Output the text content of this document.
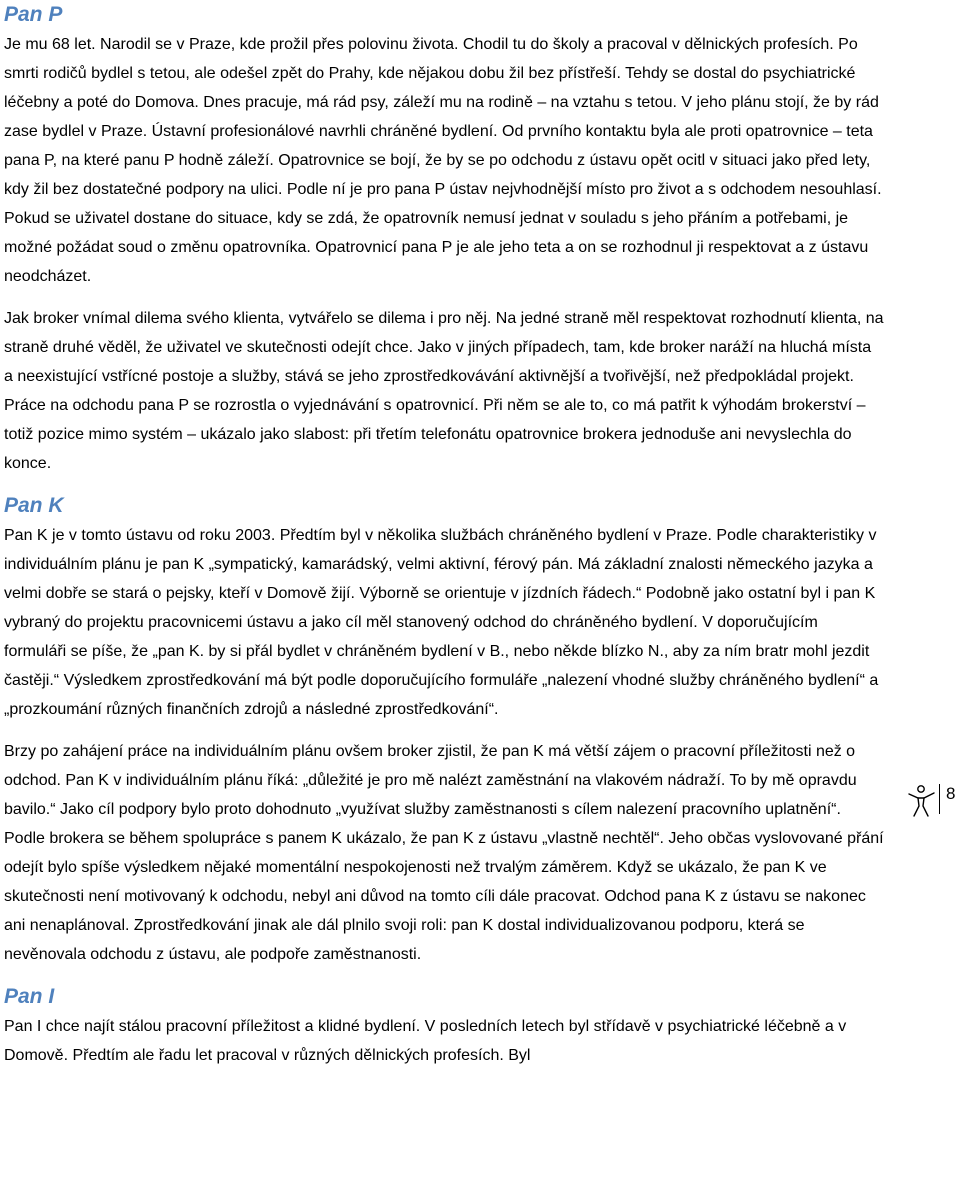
Pan P

Je mu 68 let. Narodil se v Praze, kde prožil přes polovinu života. Chodil tu do školy a pracoval v dělnických profesích. Po smrti rodičů bydlel s tetou, ale odešel zpět do Prahy, kde nějakou dobu žil bez přístřeší. Tehdy se dostal do psychiatrické léčebny a poté do Domova. Dnes pracuje, má rád psy, záleží mu na rodině – na vztahu s tetou. V jeho plánu stojí, že by rád zase bydlel v Praze. Ústavní profesionálové navrhli chráněné bydlení. Od prvního kontaktu byla ale proti opatrovnice – teta pana P, na které panu P hodně záleží. Opatrovnice se bojí, že by se po odchodu z ústavu opět ocitl v situaci jako před lety, kdy žil bez dostatečné podpory na ulici. Podle ní je pro pana P ústav nejvhodnější místo pro život a s odchodem nesouhlasí. Pokud se uživatel dostane do situace, kdy se zdá, že opatrovník nemusí jednat v souladu s jeho přáním a potřebami, je možné požádat soud o změnu opatrovníka. Opatrovnicí pana P je ale jeho teta a on se rozhodnul ji respektovat a z ústavu neodcházet.

Jak broker vnímal dilema svého klienta, vytvářelo se dilema i pro něj. Na jedné straně měl respektovat rozhodnutí klienta, na straně druhé věděl, že uživatel ve skutečnosti odejít chce. Jako v jiných případech, tam, kde broker naráží na hluchá místa a neexistující vstřícné postoje a služby, stává se jeho zprostředkovávání aktivnější a tvořivější, než předpokládal projekt. Práce na odchodu pana P se rozrostla o vyjednávání s opatrovnicí. Při něm se ale to, co má patřit k výhodám brokerství – totiž pozice mimo systém – ukázalo jako slabost: při třetím telefonátu opatrovnice brokera jednoduše ani nevyslechla do konce.

Pan K

Pan K je v tomto ústavu od roku 2003. Předtím byl v několika službách chráněného bydlení v Praze. Podle charakteristiky v individuálním plánu je pan K „sympatický, kamarádský, velmi aktivní, férový pán. Má základní znalosti německého jazyka a velmi dobře se stará o pejsky, kteří v Domově žijí. Výborně se orientuje v jízdních řádech.“ Podobně jako ostatní byl i pan K vybraný do projektu pracovnicemi ústavu a jako cíl měl stanovený odchod do chráněného bydlení. V doporučujícím formuláři se píše, že „pan K. by si přál bydlet v chráněném bydlení v B., nebo někde blízko N., aby za ním bratr mohl jezdit častěji.“ Výsledkem zprostředkování má být podle doporučujícího formuláře „nalezení vhodné služby chráněného bydlení“ a „prozkoumání různých finančních zdrojů a následné zprostředkování“.

Brzy po zahájení práce na individuálním plánu ovšem broker zjistil, že pan K má větší zájem o pracovní příležitosti než o odchod. Pan K v individuálním plánu říká: „důležité je pro mě nalézt zaměstnání na vlakovém nádraží. To by mě opravdu bavilo.“ Jako cíl podpory bylo proto dohodnuto „využívat služby zaměstnanosti s cílem nalezení pracovního uplatnění“. Podle brokera se během spolupráce s panem K ukázalo, že pan K z ústavu „vlastně nechtěl“. Jeho občas vyslovované přání odejít bylo spíše výsledkem nějaké momentální nespokojenosti než trvalým záměrem. Když se ukázalo, že pan K ve skutečnosti není motivovaný k odchodu, nebyl ani důvod na tomto cíli dále pracovat. Odchod pana K z ústavu se nakonec ani nenaplánoval. Zprostředkování jinak ale dál plnilo svoji roli: pan K dostal individualizovanou podporu, která se nevěnovala odchodu z ústavu, ale podpoře zaměstnanosti.

Pan I

Pan I chce najít stálou pracovní příležitost a klidné bydlení. V posledních letech byl střídavě v psychiatrické léčebně a v Domově. Předtím ale řadu let pracoval v různých dělnických profesích. Byl

8
